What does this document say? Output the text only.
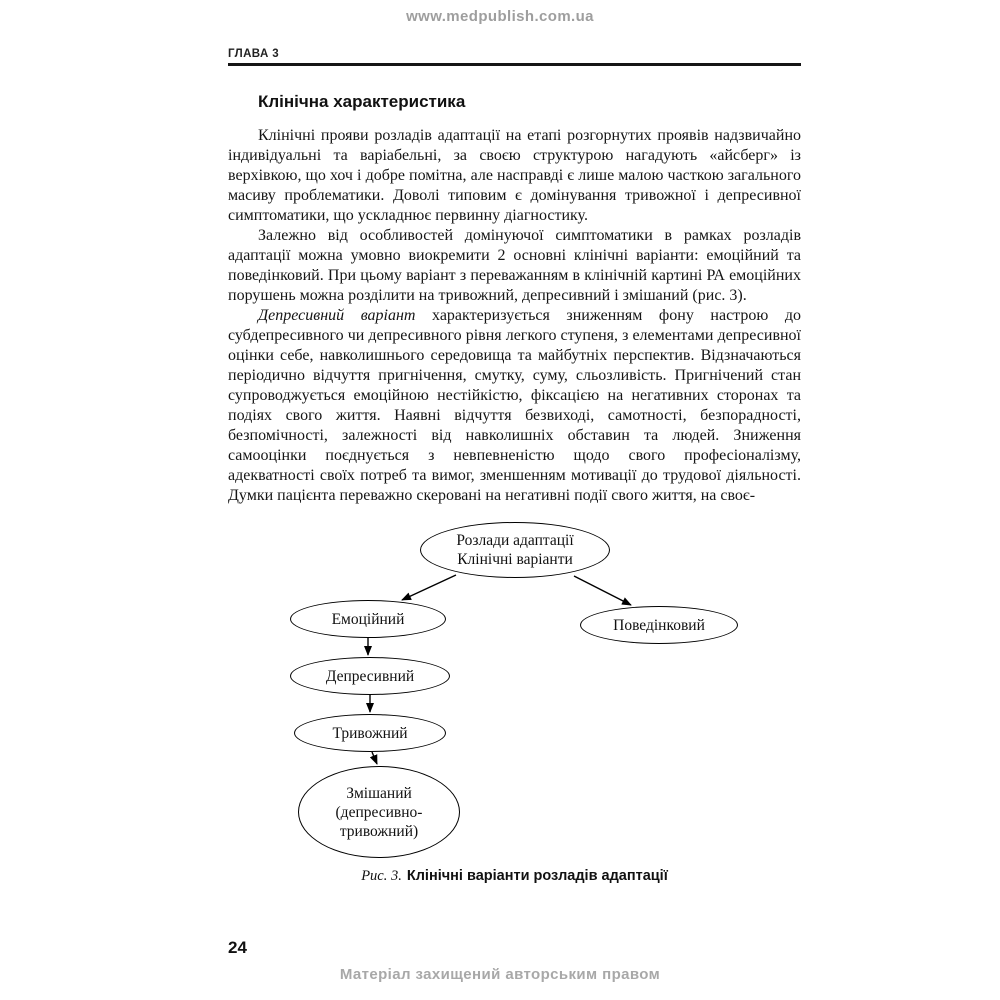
www.medpublish.com.ua
ГЛАВА 3
Клінічна характеристика

Клінічні прояви розладів адаптації на етапі розгорнутих проявів надзвичайно індивідуальні та варіабельні, за своєю структурою нагадують «айсберг» із верхівкою, що хоч і добре помітна, але насправді є лише малою часткою загального масиву проблематики. Доволі типовим є домінування тривожної і депресивної симптоматики, що ускладнює первинну діагностику.

Залежно від особливостей домінуючої симптоматики в рамках розладів адаптації можна умовно виокремити 2 основні клінічні варіанти: емоційний та поведінковий. При цьому варіант з переважанням в клінічній картині РА емоційних порушень можна розділити на тривожний, депресивний і змішаний (рис. 3).

Депресивний варіант характеризується зниженням фону настрою до субдепресивного чи депресивного рівня легкого ступеня, з елементами депресивної оцінки себе, навколишнього середовища та майбутніх перспектив. Відзначаються періодично відчуття пригнічення, смутку, суму, сльозливість. Пригнічений стан супроводжується емоційною нестійкістю, фіксацією на негативних сторонах та подіях свого життя. Наявні відчуття безвиході, самотності, безпорадності, безпомічності, залежності від навколишніх обставин та людей. Зниження самооцінки поєднується з невпевненістю щодо свого професіоналізму, адекватності своїх потреб та вимог, зменшенням мотивації до трудової діяльності. Думки пацієнта переважно скеровані на негативні події свого життя, на своє-

Розлади адаптації
Клінічні варіанти
Емоційний	Поведінковий
Депресивний
Тривожний
Змішаний
(депресивно-
тривожний)
Рис. 3. Клінічні варіанти розладів адаптації
24
Матеріал захищений авторським правом
